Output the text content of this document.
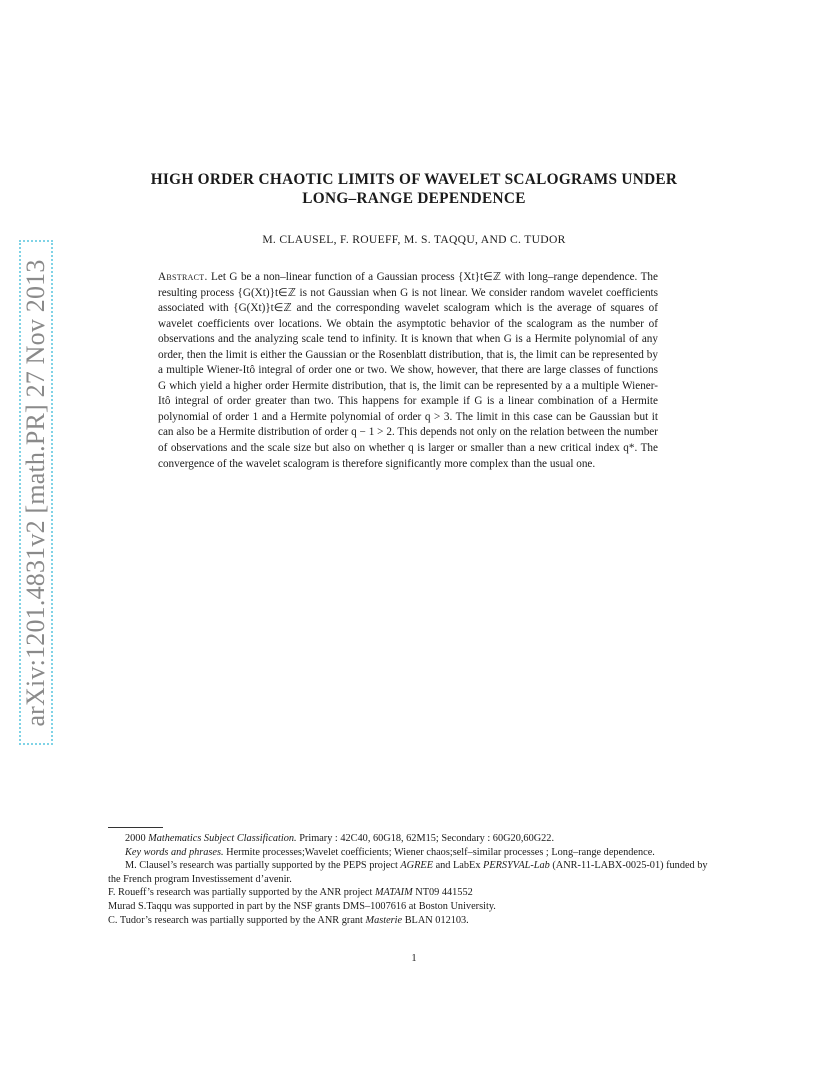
arXiv:1201.4831v2 [math.PR] 27 Nov 2013
HIGH ORDER CHAOTIC LIMITS OF WAVELET SCALOGRAMS UNDER
LONG–RANGE DEPENDENCE
M. CLAUSEL, F. ROUEFF, M. S. TAQQU, AND C. TUDOR

Abstract. Let G be a non–linear function of a Gaussian process {Xt}t∈ℤ with long–range dependence. The resulting process {G(Xt)}t∈ℤ is not Gaussian when G is not linear. We consider random wavelet coefficients associated with {G(Xt)}t∈ℤ and the corresponding wavelet scalogram which is the average of squares of wavelet coefficients over locations. We obtain the asymptotic behavior of the scalogram as the number of observations and the analyzing scale tend to infinity. It is known that when G is a Hermite polynomial of any order, then the limit is either the Gaussian or the Rosenblatt distribution, that is, the limit can be represented by a multiple Wiener-Itô integral of order one or two. We show, however, that there are large classes of functions G which yield a higher order Hermite distribution, that is, the limit can be represented by a a multiple Wiener-Itô integral of order greater than two. This happens for example if G is a linear combination of a Hermite polynomial of order 1 and a Hermite polynomial of order q > 3. The limit in this case can be Gaussian but it can also be a Hermite distribution of order q − 1 > 2. This depends not only on the relation between the number of observations and the scale size but also on whether q is larger or smaller than a new critical index q*. The convergence of the wavelet scalogram is therefore significantly more complex than the usual one.

2000 Mathematics Subject Classification. Primary : 42C40, 60G18, 62M15; Secondary : 60G20,60G22.

Key words and phrases. Hermite processes;Wavelet coefficients; Wiener chaos;self–similar processes ; Long–range dependence.

M. Clausel’s research was partially supported by the PEPS project AGREE and LabEx PERSYVAL-Lab (ANR-11-LABX-0025-01) funded by the French program Investissement d’avenir.

F. Roueff’s research was partially supported by the ANR project MATAIM NT09 441552

Murad S.Taqqu was supported in part by the NSF grants DMS–1007616 at Boston University.

C. Tudor’s research was partially supported by the ANR grant Masterie BLAN 012103.

1
